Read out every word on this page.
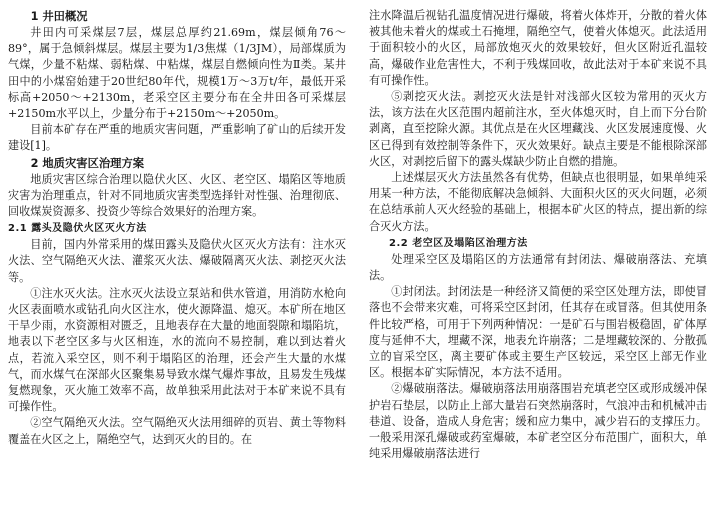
1 井田概况

井田内可采煤层7层，煤层总厚约21.69m，煤层倾角76～89°，属于急倾斜煤层。煤层主要为1/3焦煤（1/3JM），局部煤质为气煤，少量不粘煤、弱粘煤、中粘煤，煤层自燃倾向性为Ⅱ类。某井田中的小煤窑始建于20世纪80年代，规模1万～3万t/年，最低开采标高+2050～+2130m，老采空区主要分布在全井田各可采煤层+2150m水平以上，少量分布于+2150m～+2050m。

目前本矿存在严重的地质灾害问题，严重影响了矿山的后续开发建设[1]。

2 地质灾害区治理方案

地质灾害区综合治理以隐伏火区、火区、老空区、塌陷区等地质灾害为治理重点，针对不同地质灾害类型选择针对性强、治理彻底、回收煤炭资源多、投资少等综合效果好的治理方案。

2.1 露头及隐伏火区灭火方法

目前，国内外常采用的煤田露头及隐伏火区灭火方法有：注水灭火法、空气隔绝灭火法、灌浆灭火法、爆破隔离灭火法、剥挖灭火法等。

①注水灭火法。注水灭火法设立泵站和供水管道，用消防水枪向火区表面喷水或钻孔向火区注水，使火源降温、熄灭。本矿所在地区干旱少雨，水资源相对匮乏，且地表存在大量的地面裂隙和塌陷坑，地表以下老空区多与火区相连，水的流向不易控制，难以到达着火点，若流入采空区，则不利于塌陷区的治理，还会产生大量的水煤气，而水煤气在深部火区聚集易导致水煤气爆炸事故，且易发生残煤复燃现象，灭火施工效率不高，故单独采用此法对于本矿来说不具有可操作性。

②空气隔绝灭火法。空气隔绝灭火法用细碎的页岩、黄土等物料覆盖在火区之上，隔绝空气，达到灭火的目的。在

注水降温后视钻孔温度情况进行爆破，将着火体炸开，分散的着火体被其他未着火的煤或土石掩埋，隔绝空气，使着火体熄灭。此法适用于面积较小的火区，局部放炮灭火的效果较好，但火区附近孔温较高，爆破作业危害性大，不利于残煤回收，故此法对于本矿来说不具有可操作性。

⑤剥挖灭火法。剥挖灭火法是针对浅部火区较为常用的灭火方法，该方法在火区范围内超前注水，至火体熄灭时，自上而下分台阶剥离，直至挖除火源。其优点是在火区埋藏浅、火区发展速度慢、火区已得到有效控制等条件下，灭火效果好。缺点主要是不能根除深部火区，对剥挖后留下的露头煤缺少防止自燃的措施。

上述煤层灭火方法虽然各有优势，但缺点也很明显，如果单纯采用某一种方法，不能彻底解决急倾斜、大面积火区的灭火问题，必须在总结承前人灭火经验的基础上，根据本矿火区的特点，提出新的综合灭火方法。

2.2 老空区及塌陷区治理方法

处理采空区及塌陷区的方法通常有封闭法、爆破崩落法、充填法。

①封闭法。封闭法是一种经济又简便的采空区处理方法，即使冒落也不会带来灾难，可将采空区封闭，任其存在或冒落。但其使用条件比较严格，可用于下列两种情况：一是矿石与围岩极稳固，矿体厚度与延伸不大，埋藏不深，地表允许崩落；二是埋藏较深的、分散孤立的盲采空区，离主要矿体或主要生产区较远，采空区上部无作业区。根据本矿实际情况，本方法不适用。

②爆破崩落法。爆破崩落法用崩落围岩充填老空区或形成缓冲保护岩石垫层，以防止上部大量岩石突然崩落时，气浪冲击和机械冲击巷道、设备，造成人身危害；缓和应力集中，减少岩石的支撑压力。一般采用深孔爆破或药室爆破，本矿老空区分布范围广，面积大，单纯采用爆破崩落法进行
